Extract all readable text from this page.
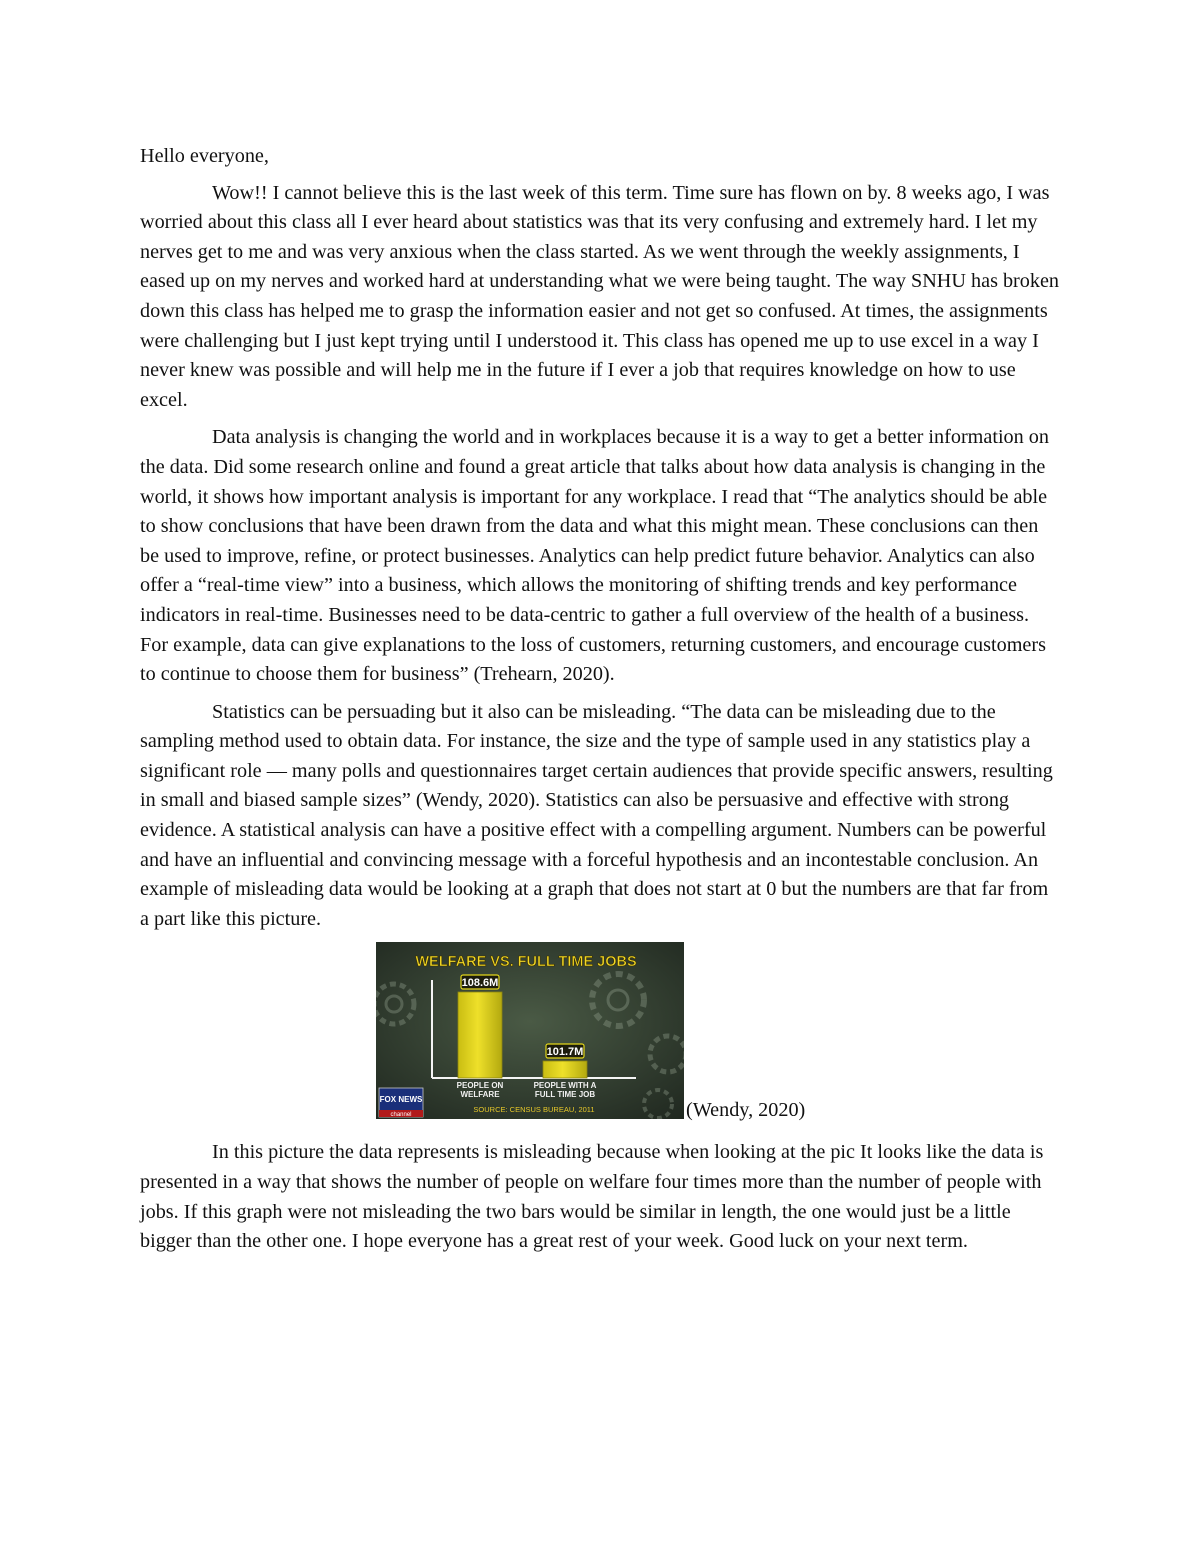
Hello everyone,

Wow!! I cannot believe this is the last week of this term. Time sure has flown on by. 8 weeks ago, I was worried about this class all I ever heard about statistics was that its very confusing and extremely hard. I let my nerves get to me and was very anxious when the class started. As we went through the weekly assignments, I eased up on my nerves and worked hard at understanding what we were being taught. The way SNHU has broken down this class has helped me to grasp the information easier and not get so confused. At times, the assignments were challenging but I just kept trying until I understood it. This class has opened me up to use excel in a way I never knew was possible and will help me in the future if I ever a job that requires knowledge on how to use excel.

Data analysis is changing the world and in workplaces because it is a way to get a better information on the data. Did some research online and found a great article that talks about how data analysis is changing in the world, it shows how important analysis is important for any workplace. I read that “The analytics should be able to show conclusions that have been drawn from the data and what this might mean. These conclusions can then be used to improve, refine, or protect businesses. Analytics can help predict future behavior. Analytics can also offer a “real-time view” into a business, which allows the monitoring of shifting trends and key performance indicators in real-time. Businesses need to be data-centric to gather a full overview of the health of a business. For example, data can give explanations to the loss of customers, returning customers, and encourage customers to continue to choose them for business” (Trehearn, 2020).

Statistics can be persuading but it also can be misleading. “The data can be misleading due to the sampling method used to obtain data. For instance, the size and the type of sample used in any statistics play a significant role — many polls and questionnaires target certain audiences that provide specific answers, resulting in small and biased sample sizes” (Wendy, 2020). Statistics can also be persuasive and effective with strong evidence. A statistical analysis can have a positive effect with a compelling argument. Numbers can be powerful and have an influential and convincing message with a forceful hypothesis and an incontestable conclusion. An example of misleading data would be looking at a graph that does not start at 0 but the numbers are that far from a part like this picture.

WELFARE VS. FULL TIME JOBS
108.6M
PEOPLE ON
WELFARE
101.7M
PEOPLE WITH A
FULL TIME JOB
FOX NEWS
channel
SOURCE: CENSUS BUREAU, 2011	(Wendy, 2020)

In this picture the data represents is misleading because when looking at the pic It looks like the data is presented in a way that shows the number of people on welfare four times more than the number of people with jobs. If this graph were not misleading the two bars would be similar in length, the one would just be a little bigger than the other one. I hope everyone has a great rest of your week. Good luck on your next term.
